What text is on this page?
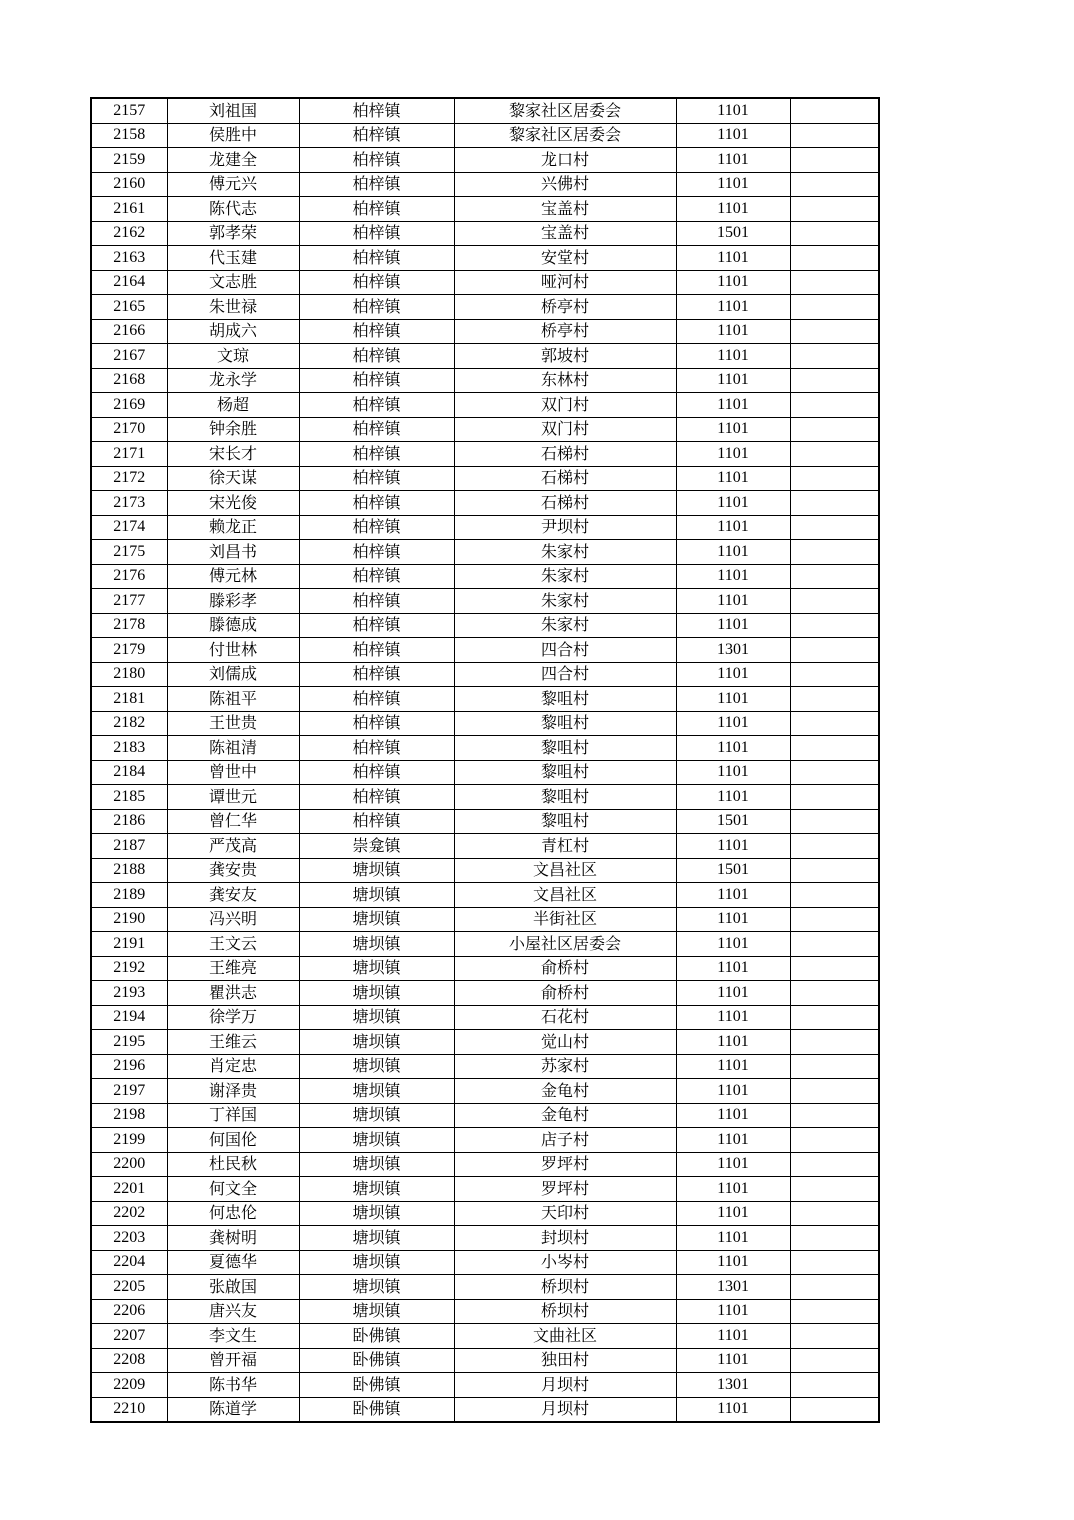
2157	刘祖国	柏梓镇	黎家社区居委会	1101	
2158	侯胜中	柏梓镇	黎家社区居委会	1101	
2159	龙建全	柏梓镇	龙口村	1101	
2160	傅元兴	柏梓镇	兴佛村	1101	
2161	陈代志	柏梓镇	宝盖村	1101	
2162	郭孝荣	柏梓镇	宝盖村	1501	
2163	代玉建	柏梓镇	安堂村	1101	
2164	文志胜	柏梓镇	哑河村	1101	
2165	朱世禄	柏梓镇	桥亭村	1101	
2166	胡成六	柏梓镇	桥亭村	1101	
2167	文琼	柏梓镇	郭坡村	1101	
2168	龙永学	柏梓镇	东林村	1101	
2169	杨超	柏梓镇	双门村	1101	
2170	钟余胜	柏梓镇	双门村	1101	
2171	宋长才	柏梓镇	石梯村	1101	
2172	徐天谋	柏梓镇	石梯村	1101	
2173	宋光俊	柏梓镇	石梯村	1101	
2174	赖龙正	柏梓镇	尹坝村	1101	
2175	刘昌书	柏梓镇	朱家村	1101	
2176	傅元林	柏梓镇	朱家村	1101	
2177	滕彩孝	柏梓镇	朱家村	1101	
2178	滕德成	柏梓镇	朱家村	1101	
2179	付世林	柏梓镇	四合村	1301	
2180	刘儒成	柏梓镇	四合村	1101	
2181	陈祖平	柏梓镇	黎咀村	1101	
2182	王世贵	柏梓镇	黎咀村	1101	
2183	陈祖清	柏梓镇	黎咀村	1101	
2184	曾世中	柏梓镇	黎咀村	1101	
2185	谭世元	柏梓镇	黎咀村	1101	
2186	曾仁华	柏梓镇	黎咀村	1501	
2187	严茂高	崇龛镇	青杠村	1101	
2188	龚安贵	塘坝镇	文昌社区	1501	
2189	龚安友	塘坝镇	文昌社区	1101	
2190	冯兴明	塘坝镇	半街社区	1101	
2191	王文云	塘坝镇	小屋社区居委会	1101	
2192	王维亮	塘坝镇	俞桥村	1101	
2193	瞿洪志	塘坝镇	俞桥村	1101	
2194	徐学万	塘坝镇	石花村	1101	
2195	王维云	塘坝镇	觉山村	1101	
2196	肖定忠	塘坝镇	苏家村	1101	
2197	谢泽贵	塘坝镇	金龟村	1101	
2198	丁祥国	塘坝镇	金龟村	1101	
2199	何国伦	塘坝镇	店子村	1101	
2200	杜民秋	塘坝镇	罗坪村	1101	
2201	何文全	塘坝镇	罗坪村	1101	
2202	何忠伦	塘坝镇	天印村	1101	
2203	龚树明	塘坝镇	封坝村	1101	
2204	夏德华	塘坝镇	小岑村	1101	
2205	张啟国	塘坝镇	桥坝村	1301	
2206	唐兴友	塘坝镇	桥坝村	1101	
2207	李文生	卧佛镇	文曲社区	1101	
2208	曾开福	卧佛镇	独田村	1101	
2209	陈书华	卧佛镇	月坝村	1301	
2210	陈道学	卧佛镇	月坝村	1101	
